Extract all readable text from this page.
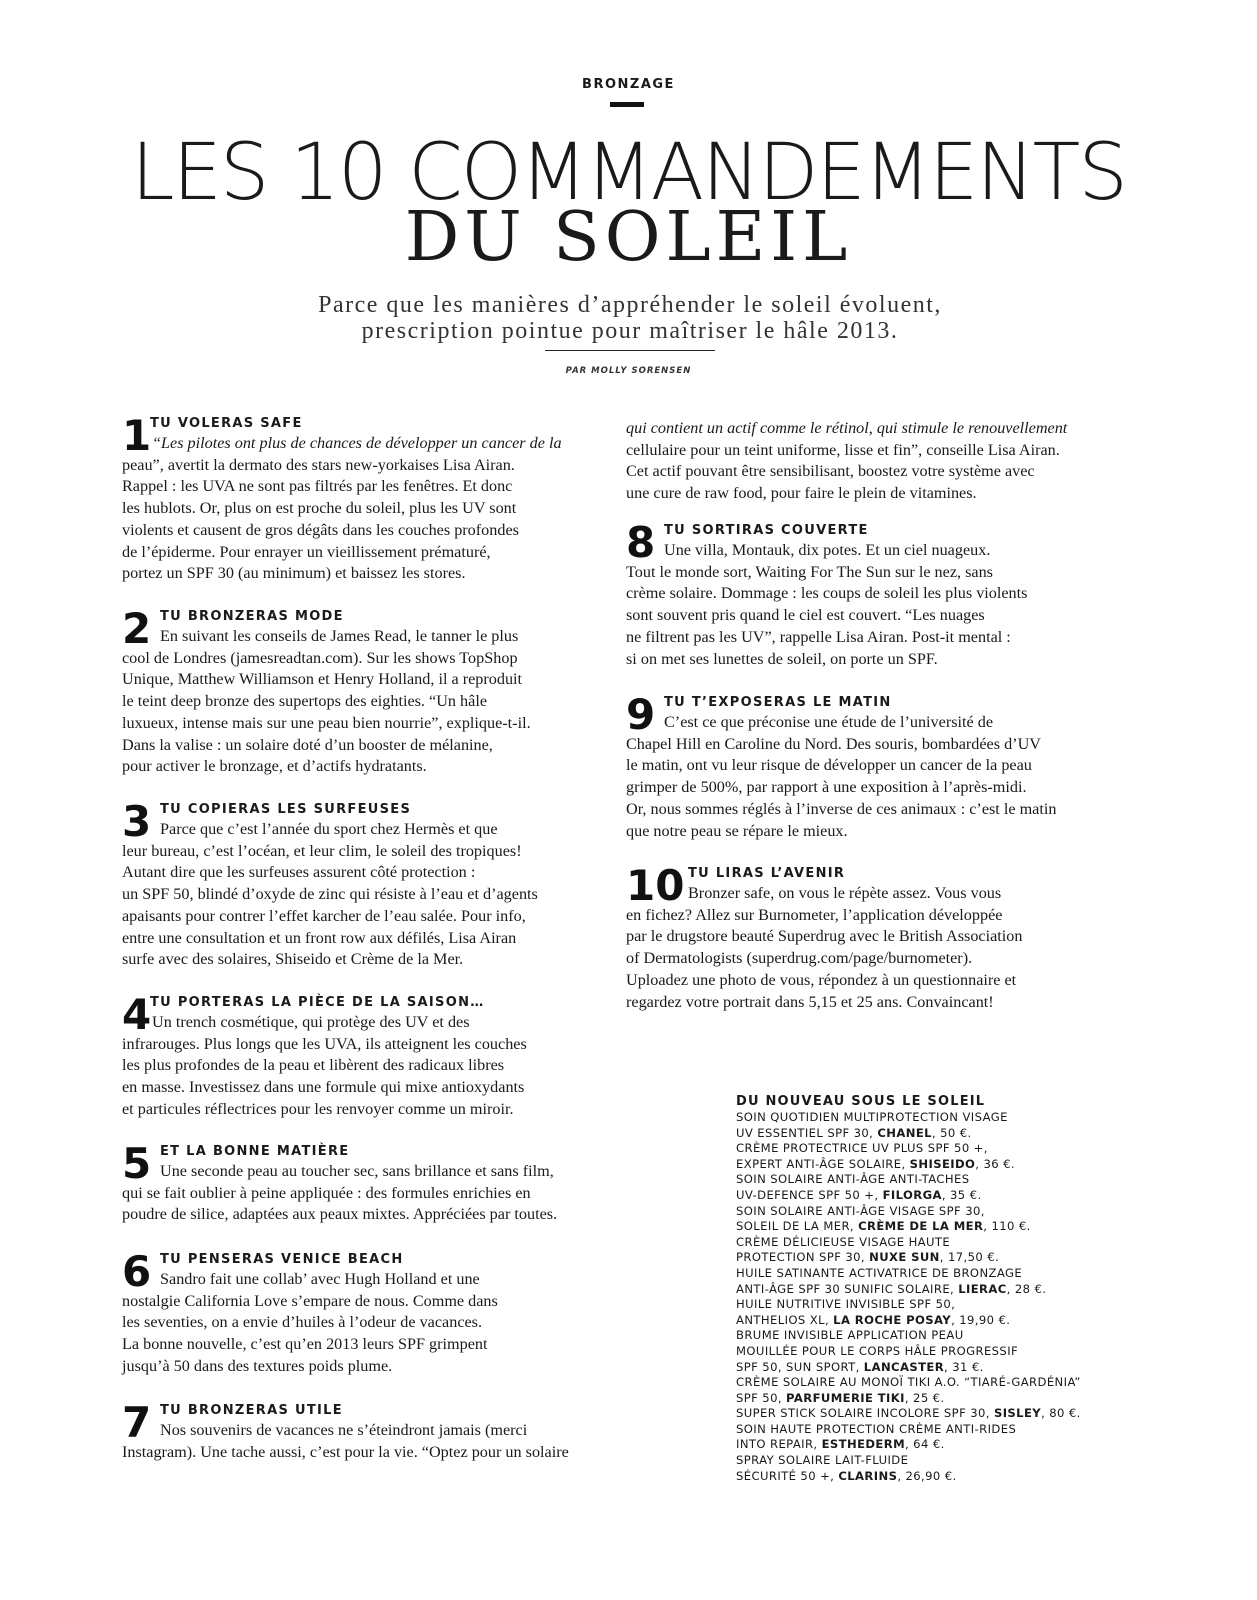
BRONZAGE
LES 10 COMMANDEMENTS
DU SOLEIL
Parce que les manières d’appréhender le soleil évoluent, prescription pointue pour maîtriser le hâle 2013.
PAR MOLLY SORENSEN
1
TU VOLERAS SAFE
“Les pilotes ont plus de chances de développer un cancer de la
peau”, avertit la dermato des stars new-yorkaises Lisa Airan.
Rappel : les UVA ne sont pas filtrés par les fenêtres. Et donc
les hublots. Or, plus on est proche du soleil, plus les UV sont
violents et causent de gros dégâts dans les couches profondes
de l’épiderme. Pour enrayer un vieillissement prématuré,
portez un SPF 30 (au minimum) et baissez les stores.
2 TU BRONZERAS MODE
En suivant les conseils de James Read, le tanner le plus
cool de Londres (jamesreadtan.com). Sur les shows TopShop
Unique, Matthew Williamson et Henry Holland, il a reproduit
le teint deep bronze des supertops des eighties. “Un hâle
luxueux, intense mais sur une peau bien nourrie”, explique-t-il.
Dans la valise : un solaire doté d’un booster de mélanine,
pour activer le bronzage, et d’actifs hydratants.
3 TU COPIERAS LES SURFEUSES
Parce que c’est l’année du sport chez Hermès et que
leur bureau, c’est l’océan, et leur clim, le soleil des tropiques!
Autant dire que les surfeuses assurent côté protection :
un SPF 50, blindé d’oxyde de zinc qui résiste à l’eau et d’agents
apaisants pour contrer l’effet karcher de l’eau salée. Pour info,
entre une consultation et un front row aux défilés, Lisa Airan
surfe avec des solaires, Shiseido et Crème de la Mer.
4
TU PORTERAS LA PIÈCE DE LA SAISON…
Un trench cosmétique, qui protège des UV et des
infrarouges. Plus longs que les UVA, ils atteignent les couches
les plus profondes de la peau et libèrent des radicaux libres
en masse. Investissez dans une formule qui mixe antioxydants
et particules réflectrices pour les renvoyer comme un miroir.
5 ET LA BONNE MATIÈRE
Une seconde peau au toucher sec, sans brillance et sans film,
qui se fait oublier à peine appliquée : des formules enrichies en
poudre de silice, adaptées aux peaux mixtes. Appréciées par toutes.
6 TU PENSERAS VENICE BEACH
Sandro fait une collab’ avec Hugh Holland et une
nostalgie California Love s’empare de nous. Comme dans
les seventies, on a envie d’huiles à l’odeur de vacances.
La bonne nouvelle, c’est qu’en 2013 leurs SPF grimpent
jusqu’à 50 dans des textures poids plume.
7 TU BRONZERAS UTILE
Nos souvenirs de vacances ne s’éteindront jamais (merci
Instagram). Une tache aussi, c’est pour la vie. “Optez pour un solaire
qui contient un actif comme le rétinol, qui stimule le renouvellement
cellulaire pour un teint uniforme, lisse et fin”, conseille Lisa Airan.
Cet actif pouvant être sensibilisant, boostez votre système avec
une cure de raw food, pour faire le plein de vitamines.
8 TU SORTIRAS COUVERTE
Une villa, Montauk, dix potes. Et un ciel nuageux.
Tout le monde sort, Waiting For The Sun sur le nez, sans
crème solaire. Dommage : les coups de soleil les plus violents
sont souvent pris quand le ciel est couvert. “Les nuages
ne filtrent pas les UV”, rappelle Lisa Airan. Post-it mental :
si on met ses lunettes de soleil, on porte un SPF.
9 TU T’EXPOSERAS LE MATIN
C’est ce que préconise une étude de l’université de
Chapel Hill en Caroline du Nord. Des souris, bombardées d’UV
le matin, ont vu leur risque de développer un cancer de la peau
grimper de 500%, par rapport à une exposition à l’après-midi.
Or, nous sommes réglés à l’inverse de ces animaux : c’est le matin
que notre peau se répare le mieux.
10 TU LIRAS L’AVENIR
Bronzer safe, on vous le répète assez. Vous vous
en fichez? Allez sur Burnometer, l’application développée
par le drugstore beauté Superdrug avec le British Association
of Dermatologists (superdrug.com/page/burnometer).
Uploadez une photo de vous, répondez à un questionnaire et
regardez votre portrait dans 5,15 et 25 ans. Convaincant!
DU NOUVEAU SOUS LE SOLEIL
SOIN QUOTIDIEN MULTIPROTECTION VISAGE
UV ESSENTIEL SPF 30, CHANEL, 50 €.
CRÈME PROTECTRICE UV PLUS SPF 50 +,
EXPERT ANTI-ÂGE SOLAIRE, SHISEIDO, 36 €.
SOIN SOLAIRE ANTI-ÂGE ANTI-TACHES
UV-DEFENCE SPF 50 +, FILORGA, 35 €.
SOIN SOLAIRE ANTI-ÂGE VISAGE SPF 30,
SOLEIL DE LA MER, CRÈME DE LA MER, 110 €.
CRÈME DÉLICIEUSE VISAGE HAUTE
PROTECTION SPF 30, NUXE SUN, 17,50 €.
HUILE SATINANTE ACTIVATRICE DE BRONZAGE
ANTI-ÂGE SPF 30 SUNIFIC SOLAIRE, LIERAC, 28 €.
HUILE NUTRITIVE INVISIBLE SPF 50,
ANTHELIOS XL, LA ROCHE POSAY, 19,90 €.
BRUME INVISIBLE APPLICATION PEAU
MOUILLÉE POUR LE CORPS HÂLE PROGRESSIF
SPF 50, SUN SPORT, LANCASTER, 31 €.
CRÈME SOLAIRE AU MONOÏ TIKI A.O. “TIARÉ-GARDÉNIA”
SPF 50, PARFUMERIE TIKI, 25 €.
SUPER STICK SOLAIRE INCOLORE SPF 30, SISLEY, 80 €.
SOIN HAUTE PROTECTION CRÈME ANTI-RIDES
INTO REPAIR, ESTHEDERM, 64 €.
SPRAY SOLAIRE LAIT-FLUIDE
SÉCURITÉ 50 +, CLARINS, 26,90 €.
